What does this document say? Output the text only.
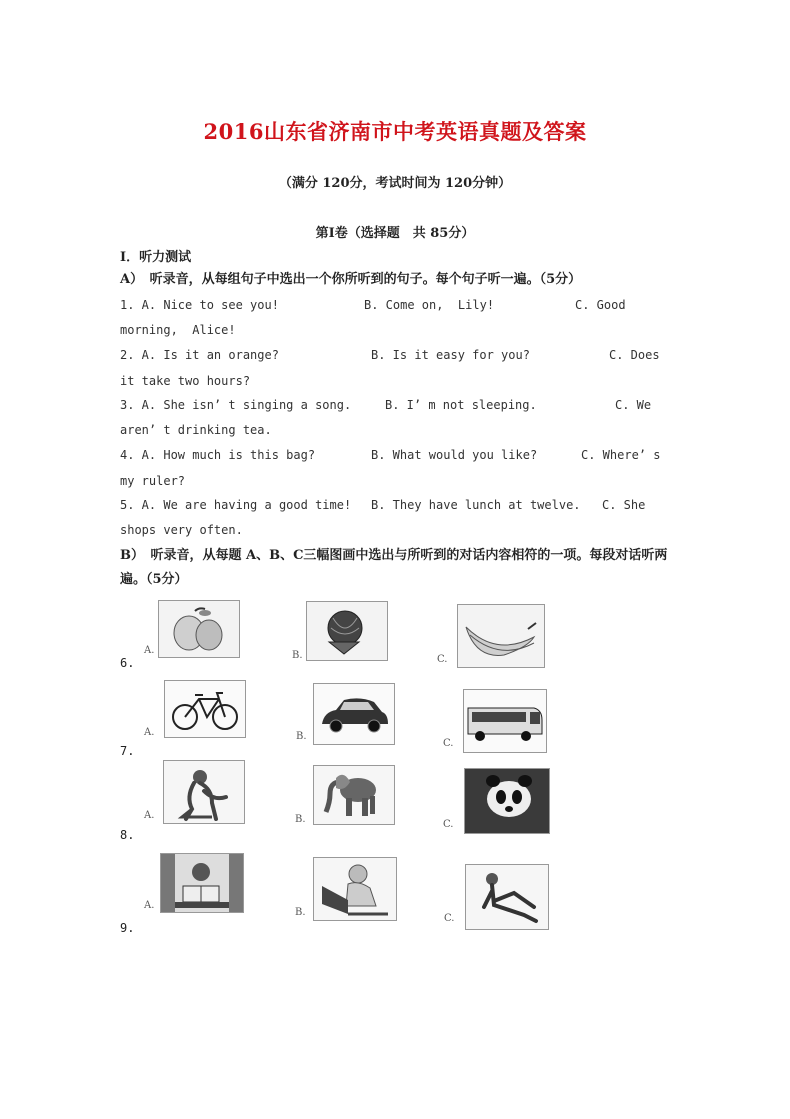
2016山东省济南市中考英语真题及答案
（满分 120分，考试时间为 120分钟）
第Ⅰ卷（选择题　共 85分）
Ⅰ．听力测试
A）　听录音，从每组句子中选出一个你所听到的句子。每个句子听一遍。（5分）
1. A. Nice to see you!	B. Come on,  Lily!	C. Good
morning,  Alice!
2. A. Is it an orange?	B. Is it easy for you?	C. Does
it take two hours?
3. A. She isn’ t singing a song.	B. I’ m not sleeping.	C. We
aren’ t drinking tea.
4. A. How much is this bag?	B. What would you like?	C. Where’ s
my ruler?
5. A. We are having a good time! B. They have lunch at twelve. C. She
shops very often.
B）　听录音，从每题 A、B、C三幅图画中选出与所听到的对话内容相符的一项。每段对话听两遍。（5分）
6.
A.	B.	C.
7.
A.	B.
C.
8.
A.	B.	C.
9.
A.
B.
C.
